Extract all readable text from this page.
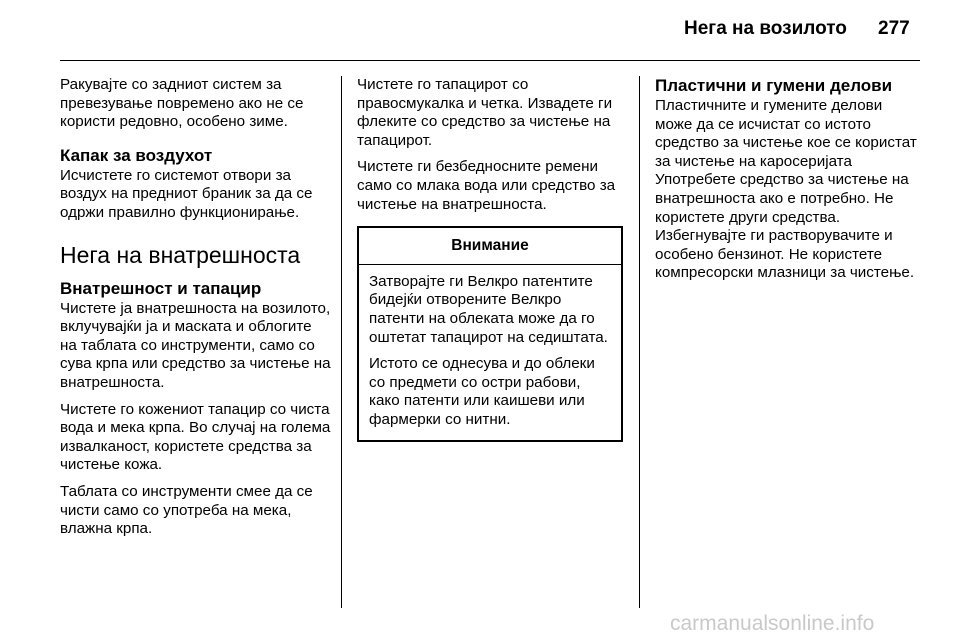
Нега на возилото 277

Ракувајте со задниот систем за превезување повремено ако не се користи редовно, особено зиме.

Капак за воздухот

Исчистете го системот отвори за воздух на предниот браник за да се одржи правилно функционирање.

Нега на внатрешноста
Внатрешност и тапацир

Чистете ја внатрешноста на возилото, вклучувајќи ја и маската и облогите на таблата со инструменти, само со сува крпа или средство за чистење на внатрешноста.

Чистете го кожениот тапацир со чиста вода и мека крпа. Во случај на голема извалканост, користете средства за чистење кожа.

Таблата со инструменти смее да се чисти само со употреба на мека, влажна крпа.

Чистете го тапацирот со правосмукалка и четка. Извадете ги флеките со средство за чистење на тапацирот.

Чистете ги безбедносните ремени само со млака вода или средство за чистење на внатрешноста.

Внимание

Затворајте ги Велкро патентите бидејќи отворените Велкро патенти на облеката може да го оштетат тапацирот на седиштата.

Истото се однесува и до облеки со предмети со остри рабови, како патенти или каишеви или фармерки со нитни.

Пластични и гумени делови

Пластичните и гумените делови може да се исчистат со истото средство за чистење кое се користат за чистење на каросеријата Употребете средство за чистење на внатрешноста ако е потребно. Не користете други средства. Избегнувајте ги растворувачите и особено бензинот. Не користете компресорски млазници за чистење.

carmanualsonline.info
